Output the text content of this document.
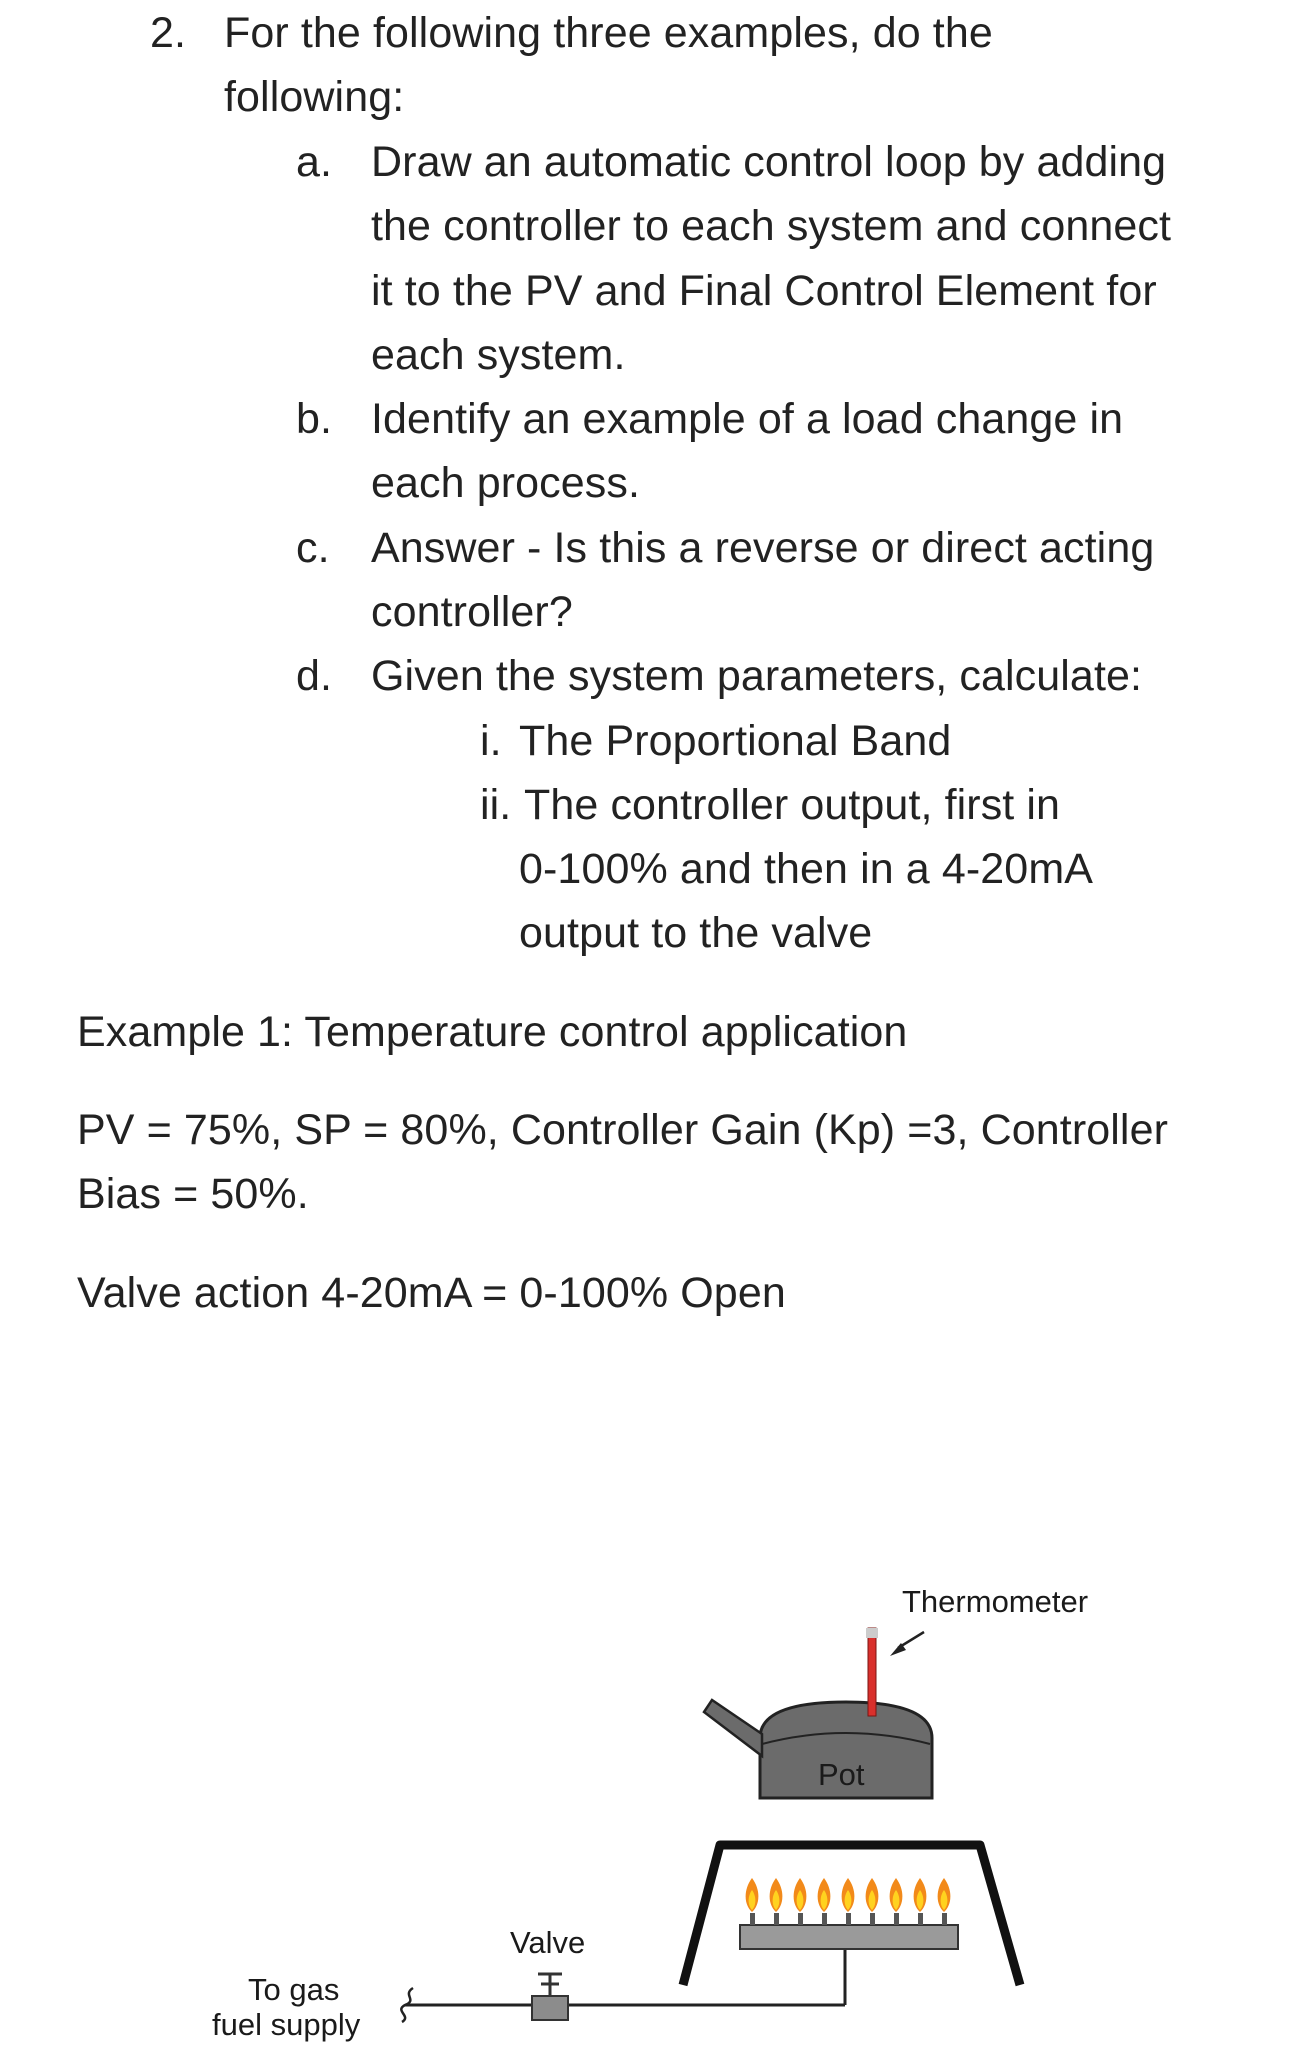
2. For the following three examples, do the
following:
a. Draw an automatic control loop by adding
the controller to each system and connect
it to the PV and Final Control Element for
each system.
b. Identify an example of a load change in
each process.
c. Answer - Is this a reverse or direct acting
controller?
d. Given the system parameters, calculate:
i. The Proportional Band
ii. The controller output, first in
0-100% and then in a 4-20mA
output to the valve
Example 1: Temperature control application
PV = 75%, SP = 80%, Controller Gain (Kp) =3, Controller
Bias = 50%.
Valve action 4-20mA = 0-100% Open
Valve
To gas
fuel supply
Pot
Thermometer
